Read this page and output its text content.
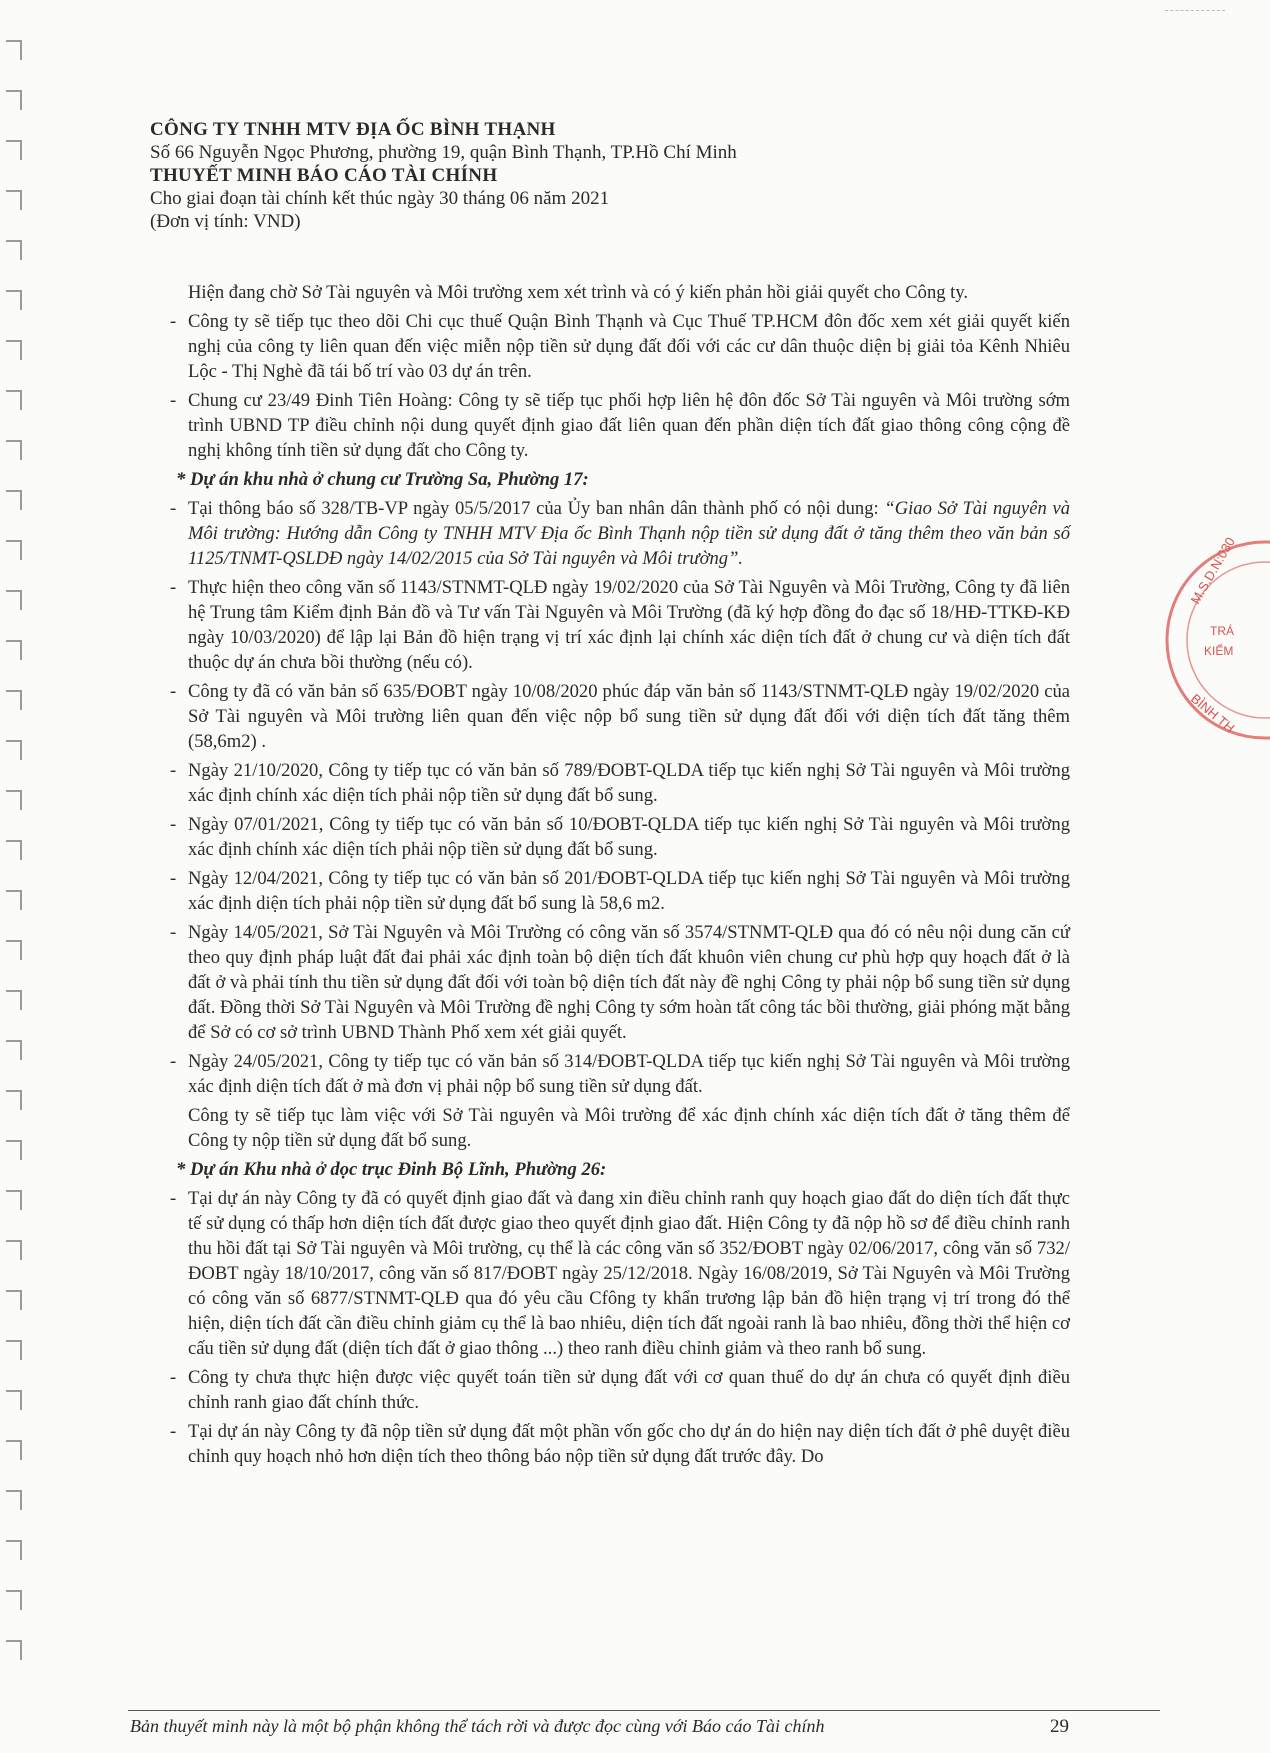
CÔNG TY TNHH MTV ĐỊA ỐC BÌNH THẠNH
Số 66 Nguyễn Ngọc Phương, phường 19, quận Bình Thạnh, TP.Hồ Chí Minh
THUYẾT MINH BÁO CÁO TÀI CHÍNH
Cho giai đoạn tài chính kết thúc ngày 30 tháng 06 năm 2021
(Đơn vị tính: VND)

Hiện đang chờ Sở Tài nguyên và Môi trường xem xét trình và có ý kiến phản hồi giải quyết cho Công ty.

- Công ty sẽ tiếp tục theo dõi Chi cục thuế Quận Bình Thạnh và Cục Thuế TP.HCM đôn đốc xem xét giải quyết kiến nghị của công ty liên quan đến việc miễn nộp tiền sử dụng đất đối với các cư dân thuộc diện bị giải tỏa Kênh Nhiêu Lộc - Thị Nghè đã tái bố trí vào 03 dự án trên.
- Chung cư 23/49 Đinh Tiên Hoàng: Công ty sẽ tiếp tục phối hợp liên hệ đôn đốc Sở Tài nguyên và Môi trường sớm trình UBND TP điều chỉnh nội dung quyết định giao đất liên quan đến phần diện tích đất giao thông công cộng đề nghị không tính tiền sử dụng đất cho Công ty.

* Dự án khu nhà ở chung cư Trường Sa, Phường 17:

- Tại thông báo số 328/TB-VP ngày 05/5/2017 của Ủy ban nhân dân thành phố có nội dung: “Giao Sở Tài nguyên và Môi trường: Hướng dẫn Công ty TNHH MTV Địa ốc Bình Thạnh nộp tiền sử dụng đất ở tăng thêm theo văn bản số 1125/TNMT-QSLDĐ ngày 14/02/2015 của Sở Tài nguyên và Môi trường”.
- Thực hiện theo công văn số 1143/STNMT-QLĐ ngày 19/02/2020 của Sở Tài Nguyên và Môi Trường, Công ty đã liên hệ Trung tâm Kiểm định Bản đồ và Tư vấn Tài Nguyên và Môi Trường (đã ký hợp đồng đo đạc số 18/HĐ-TTKĐ-KĐ ngày 10/03/2020) để lập lại Bản đồ hiện trạng vị trí xác định lại chính xác diện tích đất ở chung cư và diện tích đất thuộc dự án chưa bồi thường (nếu có).
- Công ty đã có văn bản số 635/ĐOBT ngày 10/08/2020 phúc đáp văn bản số 1143/STNMT-QLĐ ngày 19/02/2020 của Sở Tài nguyên và Môi trường liên quan đến việc nộp bổ sung tiền sử dụng đất đối với diện tích đất tăng thêm (58,6m2) .
- Ngày 21/10/2020, Công ty tiếp tục có văn bản số 789/ĐOBT-QLDA tiếp tục kiến nghị Sở Tài nguyên và Môi trường xác định chính xác diện tích phải nộp tiền sử dụng đất bổ sung.
- Ngày 07/01/2021, Công ty tiếp tục có văn bản số 10/ĐOBT-QLDA tiếp tục kiến nghị Sở Tài nguyên và Môi trường xác định chính xác diện tích phải nộp tiền sử dụng đất bổ sung.
- Ngày 12/04/2021, Công ty tiếp tục có văn bản số 201/ĐOBT-QLDA tiếp tục kiến nghị Sở Tài nguyên và Môi trường xác định diện tích phải nộp tiền sử dụng đất bổ sung là 58,6 m2.
- Ngày 14/05/2021, Sở Tài Nguyên và Môi Trường có công văn số 3574/STNMT-QLĐ qua đó có nêu nội dung căn cứ theo quy định pháp luật đất đai phải xác định toàn bộ diện tích đất khuôn viên chung cư phù hợp quy hoạch đất ở là đất ở và phải tính thu tiền sử dụng đất đối với toàn bộ diện tích đất này đề nghị Công ty phải nộp bổ sung tiền sử dụng đất. Đồng thời Sở Tài Nguyên và Môi Trường đề nghị Công ty sớm hoàn tất công tác bồi thường, giải phóng mặt bằng để Sở có cơ sở trình UBND Thành Phố xem xét giải quyết.
- Ngày 24/05/2021, Công ty tiếp tục có văn bản số 314/ĐOBT-QLDA tiếp tục kiến nghị Sở Tài nguyên và Môi trường xác định diện tích đất ở mà đơn vị phải nộp bổ sung tiền sử dụng đất.

Công ty sẽ tiếp tục làm việc với Sở Tài nguyên và Môi trường để xác định chính xác diện tích đất ở tăng thêm để Công ty nộp tiền sử dụng đất bổ sung.

* Dự án Khu nhà ở dọc trục Đinh Bộ Lĩnh, Phường 26:

- Tại dự án này Công ty đã có quyết định giao đất và đang xin điều chỉnh ranh quy hoạch giao đất do diện tích đất thực tế sử dụng có thấp hơn diện tích đất được giao theo quyết định giao đất. Hiện Công ty đã nộp hồ sơ để điều chỉnh ranh thu hồi đất tại Sở Tài nguyên và Môi trường, cụ thể là các công văn số 352/ĐOBT ngày 02/06/2017, công văn số 732/ĐOBT ngày 18/10/2017, công văn số 817/ĐOBT ngày 25/12/2018. Ngày 16/08/2019, Sở Tài Nguyên và Môi Trường có công văn số 6877/STNMT-QLĐ qua đó yêu cầu Cfông ty khẩn trương lập bản đồ hiện trạng vị trí trong đó thể hiện, diện tích đất cần điều chỉnh giảm cụ thể là bao nhiêu, diện tích đất ngoài ranh là bao nhiêu, đồng thời thể hiện cơ cấu tiền sử dụng đất (diện tích đất ở giao thông ...) theo ranh điều chỉnh giảm và theo ranh bổ sung.
- Công ty chưa thực hiện được việc quyết toán tiền sử dụng đất với cơ quan thuế do dự án chưa có quyết định điều chỉnh ranh giao đất chính thức.
- Tại dự án này Công ty đã nộp tiền sử dụng đất một phần vốn gốc cho dự án do hiện nay diện tích đất ở phê duyệt điều chỉnh quy hoạch nhỏ hơn diện tích theo thông báo nộp tiền sử dụng đất trước đây. Do
M.S.D.N:030
TRÁ
KIỂM
BÌNH TH
Bản thuyết minh này là một bộ phận không thể tách rời và được đọc cùng với Báo cáo Tài chính	29
